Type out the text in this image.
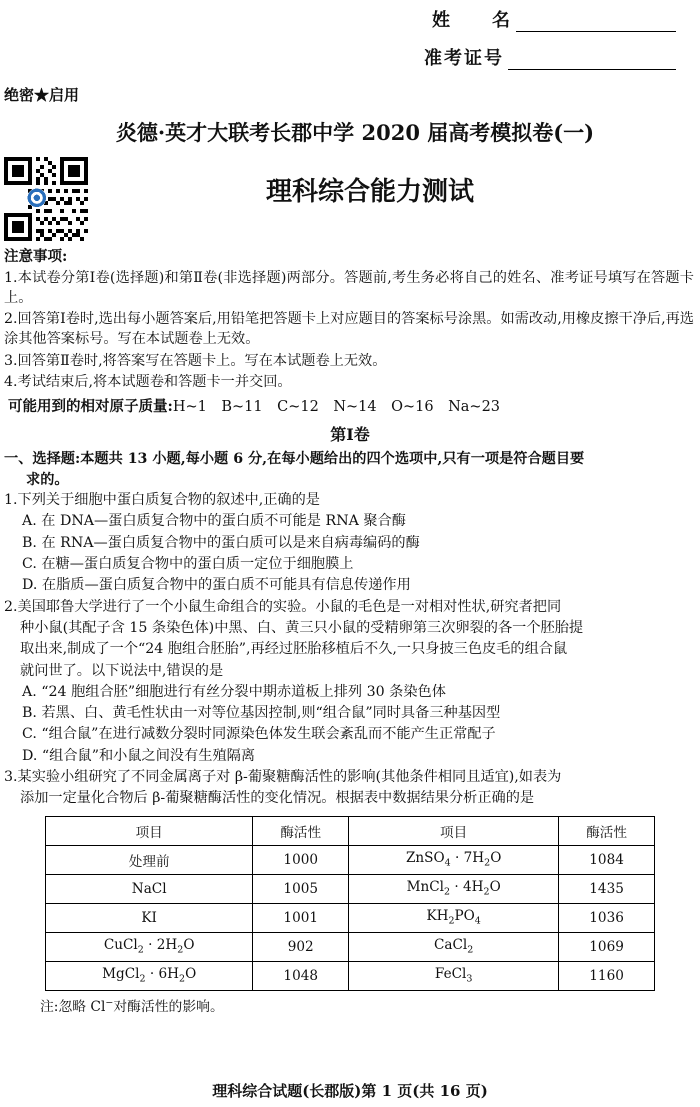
姓　　名
准考证号
绝密★启用
炎德·英才大联考长郡中学 2020 届高考模拟卷(一)
理科综合能力测试
注意事项:

1.本试卷分第Ⅰ卷(选择题)和第Ⅱ卷(非选择题)两部分。答题前,考生务必将自己的姓名、准考证号填写在答题卡上。

2.回答第Ⅰ卷时,选出每小题答案后,用铅笔把答题卡上对应题目的答案标号涂黑。如需改动,用橡皮擦干净后,再选涂其他答案标号。写在本试题卷上无效。

3.回答第Ⅱ卷时,将答案写在答题卡上。写在本试题卷上无效。

4.考试结束后,将本试题卷和答题卡一并交回。

可能用到的相对原子质量:H~1　B~11　C~12　N~14　O~16　Na~23
第Ⅰ卷
一、选择题:本题共 13 小题,每小题 6 分,在每小题给出的四个选项中,只有一项是符合题目要
求的。
1.下列关于细胞中蛋白质复合物的叙述中,正确的是
A. 在 DNA—蛋白质复合物中的蛋白质不可能是 RNA 聚合酶
B. 在 RNA—蛋白质复合物中的蛋白质可以是来自病毒编码的酶
C. 在糖—蛋白质复合物中的蛋白质一定位于细胞膜上
D. 在脂质—蛋白质复合物中的蛋白质不可能具有信息传递作用
2.美国耶鲁大学进行了一个小鼠生命组合的实验。小鼠的毛色是一对相对性状,研究者把同
种小鼠(其配子含 15 条染色体)中黑、白、黄三只小鼠的受精卵第三次卵裂的各一个胚胎提
取出来,制成了一个“24 胞组合胚胎”,再经过胚胎移植后不久,一只身披三色皮毛的组合鼠
就问世了。以下说法中,错误的是
A. “24 胞组合胚”细胞进行有丝分裂中期赤道板上排列 30 条染色体
B. 若黑、白、黄毛性状由一对等位基因控制,则“组合鼠”同时具备三种基因型
C. “组合鼠”在进行减数分裂时同源染色体发生联会紊乱而不能产生正常配子
D. “组合鼠”和小鼠之间没有生殖隔离
3.某实验小组研究了不同金属离子对 β-葡聚糖酶活性的影响(其他条件相同且适宜),如表为
添加一定量化合物后 β-葡聚糖酶活性的变化情况。根据表中数据结果分析正确的是
项目	酶活性	项目	酶活性
处理前	1000	ZnSO$_4$ · $7H_2O$	1084
NaCl	1005	MnCl$_2$ · $4H_2O$	1435
KI	1001	$KH_2PO_4$	1036
CuCl$_2$ · $2H_2O$	902	CaCl$_2$	1069
MgCl$_2$ · $6H_2O$	1048	FeCl$_3$	1160
注:忽略 Cl−对酶活性的影响。
理科综合试题(长郡版)第 1 页(共 16 页)
